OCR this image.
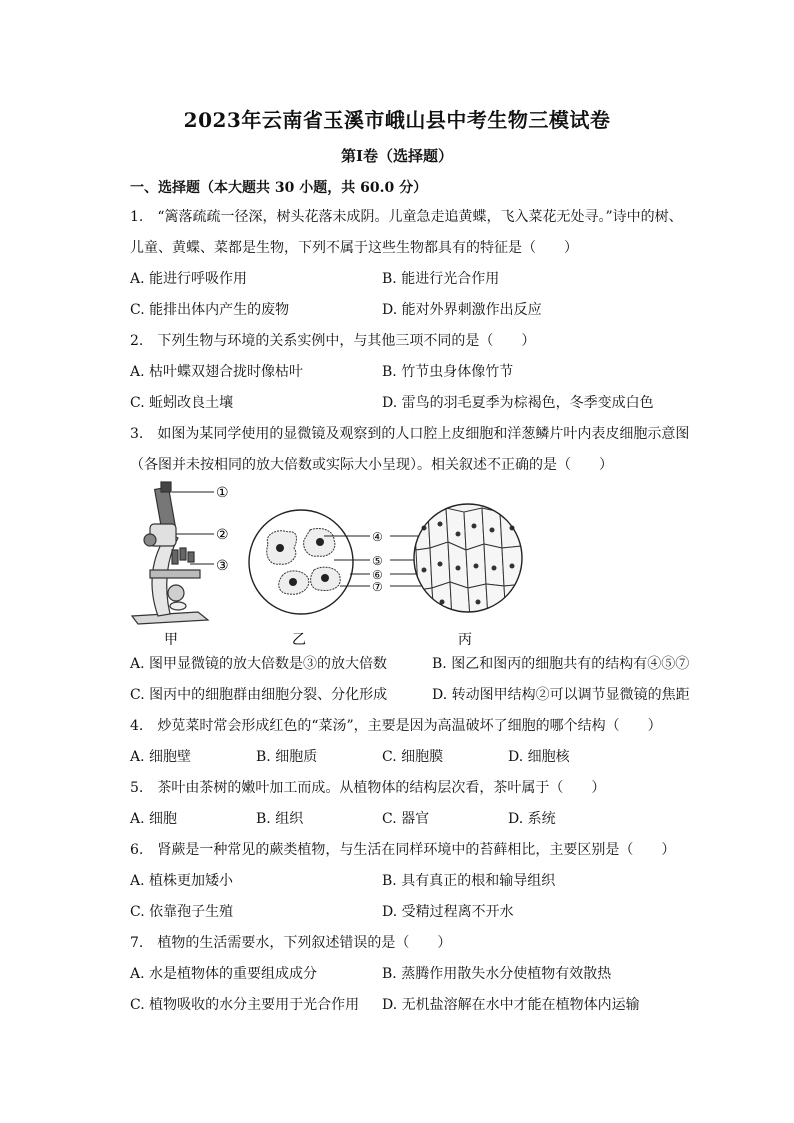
2023年云南省玉溪市峨山县中考生物三模试卷
第Ⅰ卷（选择题）
一、选择题（本大题共 30 小题，共 60.0 分）
1.　“篱落疏疏一径深，树头花落未成阴。儿童急走追黄蝶，飞入菜花无处寻。”诗中的树、
儿童、黄蝶、菜都是生物，下列不属于这些生物都具有的特征是（　　）
A. 能进行呼吸作用	B. 能进行光合作用
C. 能排出体内产生的废物	D. 能对外界刺激作出反应
2.　下列生物与环境的关系实例中，与其他三项不同的是（　　）
A. 枯叶蝶双翅合拢时像枯叶	B. 竹节虫身体像竹节
C. 蚯蚓改良土壤	D. 雷鸟的羽毛夏季为棕褐色，冬季变成白色
3.　如图为某同学使用的显微镜及观察到的人口腔上皮细胞和洋葱鳞片叶内表皮细胞示意图
（各图并未按相同的放大倍数或实际大小呈现）。相关叙述不正确的是（　　）
①
②
③
④
⑤
⑥
⑦
甲	乙	丙
A. 图甲显微镜的放大倍数是③的放大倍数	B. 图乙和图丙的细胞共有的结构有④⑤⑦
C. 图丙中的细胞群由细胞分裂、分化形成	D. 转动图甲结构②可以调节显微镜的焦距
4.　炒苋菜时常会形成红色的“菜汤”，主要是因为高温破坏了细胞的哪个结构（　　）
A. 细胞壁	B. 细胞质	C. 细胞膜	D. 细胞核
5.　茶叶由茶树的嫩叶加工而成。从植物体的结构层次看，茶叶属于（　　）
A. 细胞	B. 组织	C. 器官	D. 系统
6.　肾蕨是一种常见的蕨类植物，与生活在同样环境中的苔藓相比，主要区别是（　　）
A. 植株更加矮小	B. 具有真正的根和输导组织
C. 依靠孢子生殖	D. 受精过程离不开水
7.　植物的生活需要水，下列叙述错误的是（　　）
A. 水是植物体的重要组成成分	B. 蒸腾作用散失水分使植物有效散热
C. 植物吸收的水分主要用于光合作用 D. 无机盐溶解在水中才能在植物体内运输
